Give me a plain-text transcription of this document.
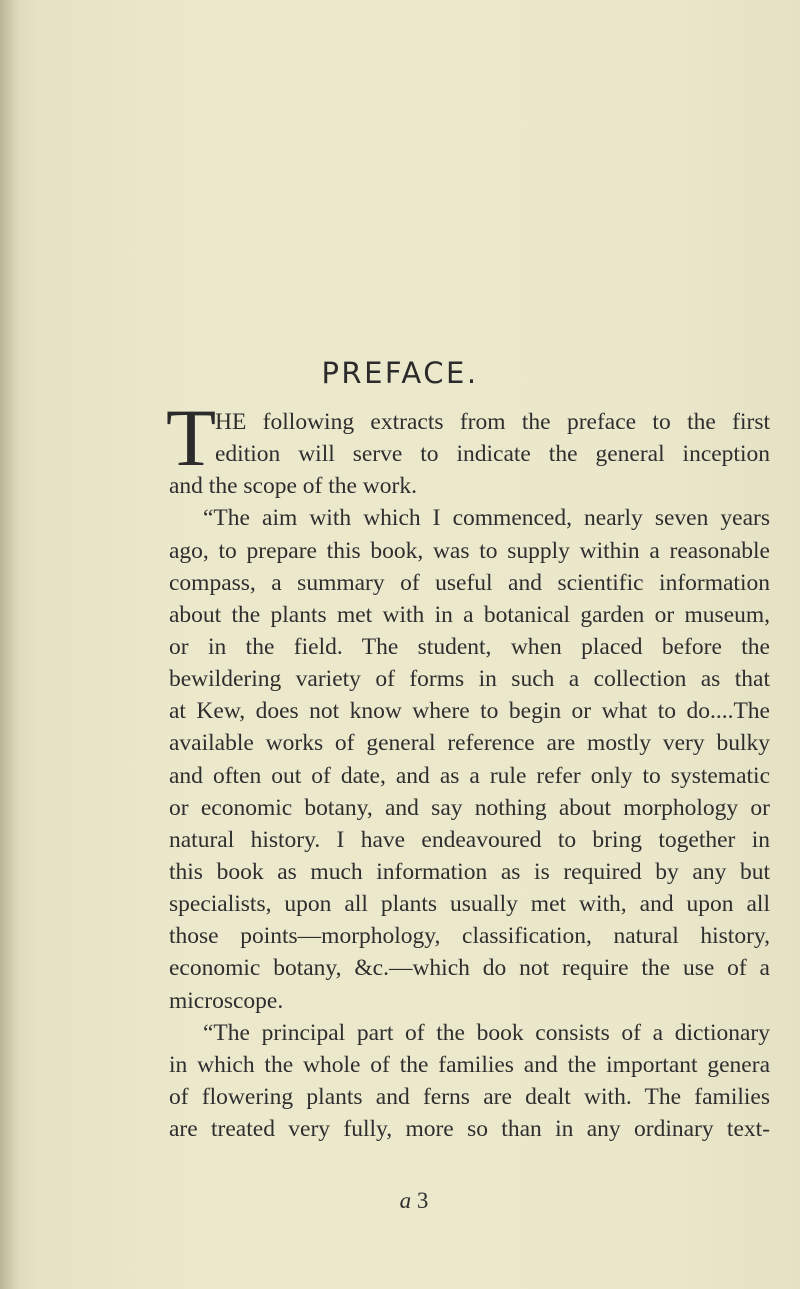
PREFACE.
T
HE following extracts from the preface to the first
edition will serve to indicate the general inception
and the scope of the work.
“The aim with which I commenced, nearly seven years
ago, to prepare this book, was to supply within a reasonable
compass, a summary of useful and scientific information
about the plants met with in a botanical garden or museum,
or in the field. The student, when placed before the
bewildering variety of forms in such a collection as that
at Kew, does not know where to begin or what to do....The
available works of general reference are mostly very bulky
and often out of date, and as a rule refer only to systematic
or economic botany, and say nothing about morphology or
natural history. I have endeavoured to bring together in
this book as much information as is required by any but
specialists, upon all plants usually met with, and upon all
those points—morphology, classification, natural history,
economic botany, &c.—which do not require the use of a
microscope.
“The principal part of the book consists of a dictionary
in which the whole of the families and the important genera
of flowering plants and ferns are dealt with. The families
are treated very fully, more so than in any ordinary text-
a 3
